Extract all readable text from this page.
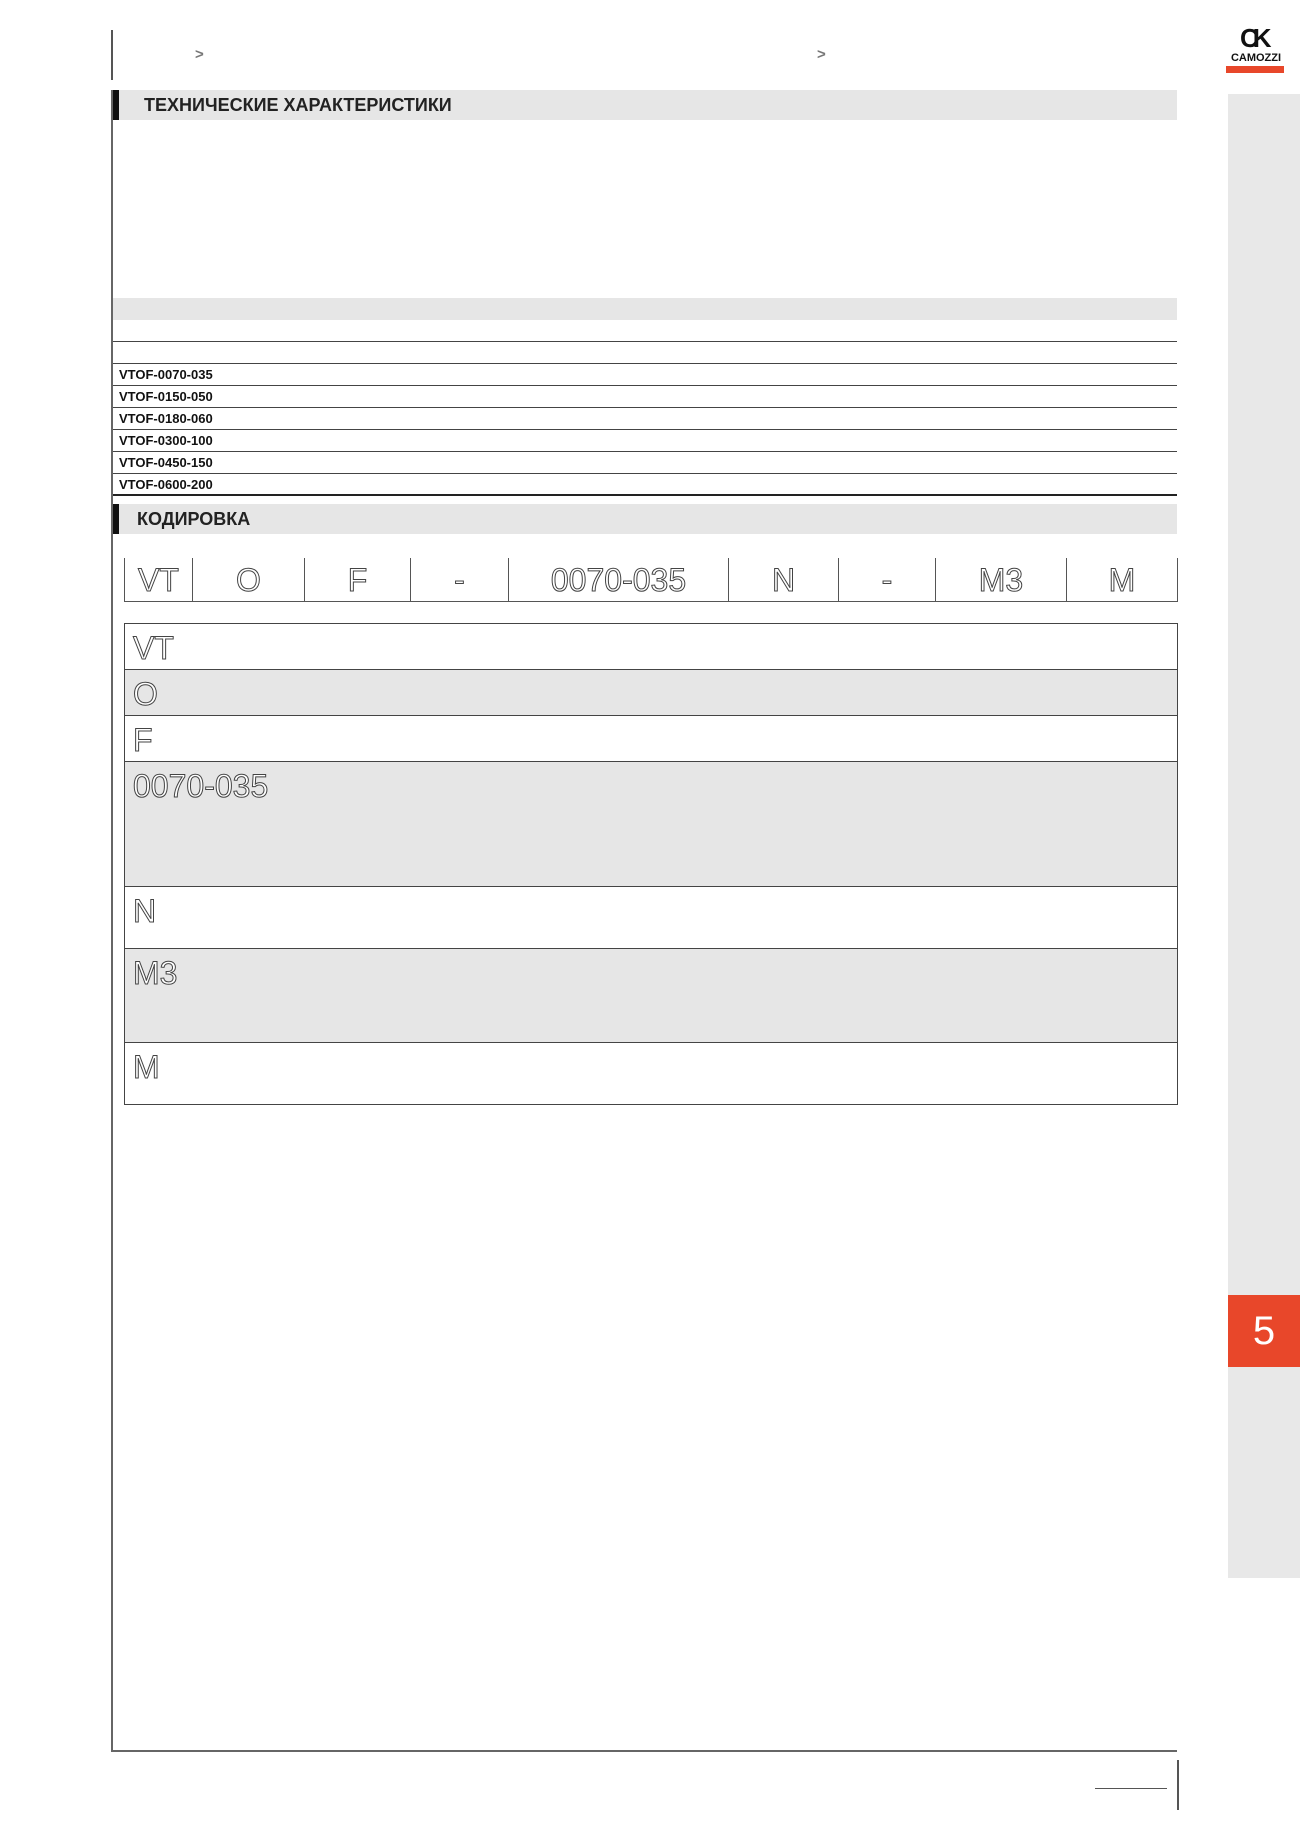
>	>
CK
CAMOZZI
5
ТЕХНИЧЕСКИЕ ХАРАКТЕРИСТИКИ
VTOF-0070-035
VTOF-0150-050
VTOF-0180-060
VTOF-0300-100
VTOF-0450-150
VTOF-0600-200
КОДИРОВКА
VT	O	F	-	0070-035	N	-	M3	M
VT
O
F
0070-035
N
M3
M
